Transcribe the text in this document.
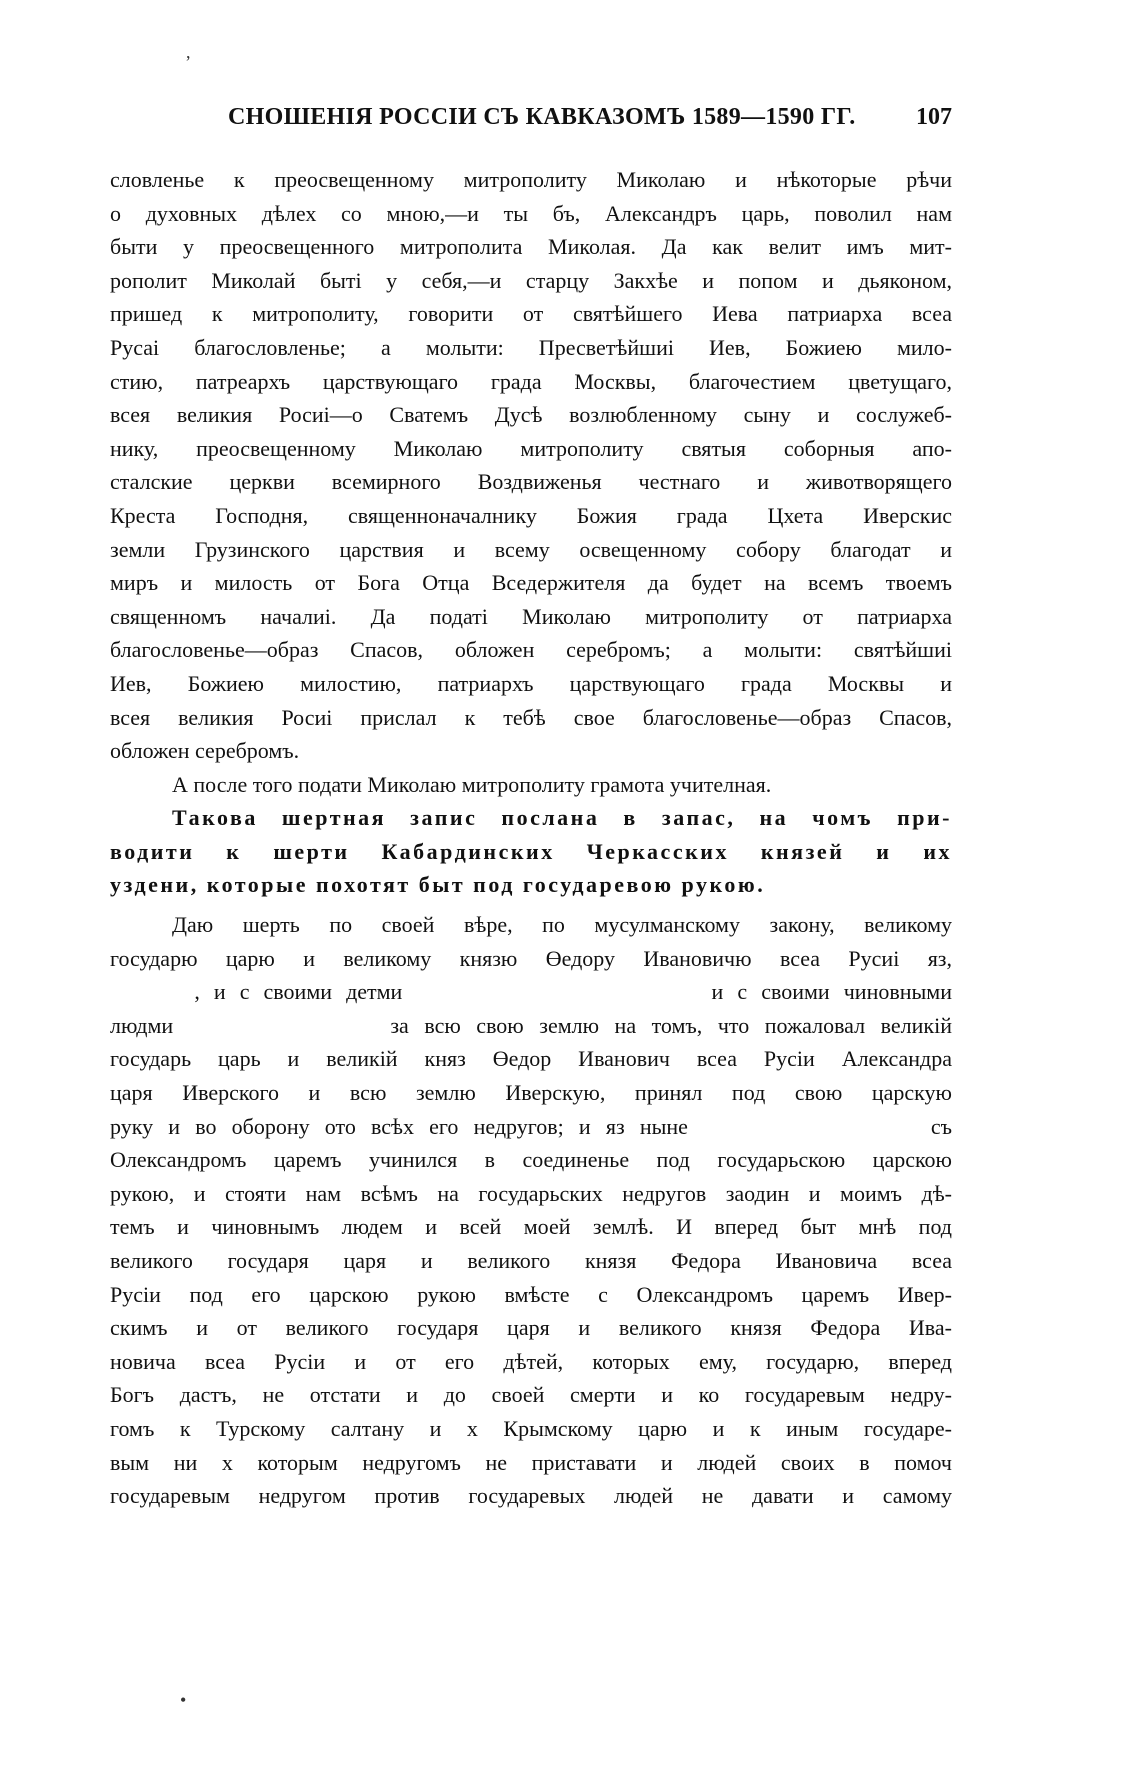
,
СНОШЕНІЯ РОССІИ СЪ КАВКАЗОМЪ 1589—1590 ГГ.	107
словленье к преосвещенному митрополиту Миколаю и нѣкоторые рѣчи
о духовных дѣлех со мною,—и ты бъ, Александръ царь, поволил нам
быти у преосвещенного митрополита Миколая. Да как велит имъ мит-
рополит Миколай быті у себя,—и старцу Закхѣе и попом и дьяконом,
пришед к митрополиту, говорити от святѣйшего Иева патриарха всеа
Русаі благословленье; а молыти: Пресветѣйшиі Иев, Божиею мило-
стию, патреархъ царствующаго града Москвы, благочестием цветущаго,
всея великия Росиі—о Сватемъ Дусѣ возлюбленному сыну и сослужеб-
нику, преосвещенному Миколаю митрополиту святыя соборныя апо-
сталские церкви всемирного Воздвиженья честнаго и животворящего
Креста Господня, священноначалнику Божия града Цхета Иверскис
земли Грузинского царствия и всему освещенному собору благодат и
миръ и милость от Бога Отца Вседержителя да будет на всемъ твоемъ
священномъ началиі. Да податі Миколаю митрополиту от патриарха
благословенье—образ Спасов, обложен серебромъ; а молыти: святѣйшиі
Иев, Божиею милостию, патриархъ царствующаго града Москвы и
всея великия Росиі прислал к тебѣ свое благословенье—образ Спасов,
обложен серебромъ.
А после того подати Миколаю митрополиту грамота учителная.
Такова шертная запис послана в запас, на чомъ при-
водити к шерти Кабардинских Черкасских князей и их
уздени, которые похотят быт под государевою рукою.
Даю шерть по своей вѣре, по мусулманскому закону, великому
государю царю и великому князю Өедору Ивановичю всеа Русиі яз,
, и с своими детми                      и с своими чиновными
людми              за всю свою землю на томъ, что пожаловал великій
государь царь и великій княз Өедор Иванович всеа Русіи Александра
царя Иверского и всю землю Иверскую, принял под свою царскую
руку и во оборону ото всѣх его недругов; и яз ныне                съ
Олександромъ царемъ учинился в соединенье под государьскою царскою
рукою, и стояти нам всѣмъ на государьских недругов заодин и моимъ дѣ-
темъ и чиновнымъ людем и всей моей землѣ. И вперед быт мнѣ под
великого государя царя и великого князя Федора Ивановича всеа
Русіи под его царскою рукою вмѣсте с Олександромъ царемъ Ивер-
скимъ и от великого государя царя и великого князя Федора Ива-
новича всеа Русіи и от его дѣтей, которых ему, государю, вперед
Богъ дастъ, не отстати и до своей смерти и ко государевым недру-
гомъ к Турскому салтану и х Крымскому царю и к иным государе-
вым ни х которым недругомъ не приставати и людей своих в помоч
государевым недругом против государевых людей не давати и самому
•
